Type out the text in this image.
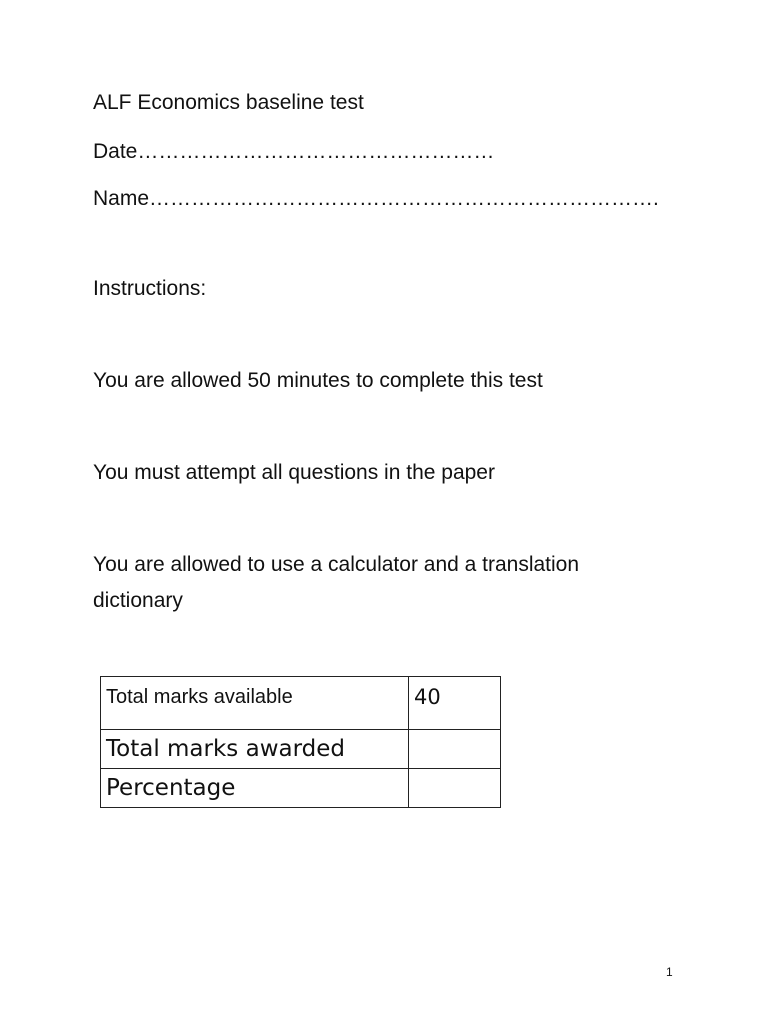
ALF Economics baseline test

Date……………………………………………

Name……………………………………………………………….

Instructions:

You are allowed 50 minutes to complete this test

You must attempt all questions in the paper

You are allowed to use a calculator and a translation

dictionary

Total marks available	40
Total marks awarded	
Percentage	
1
